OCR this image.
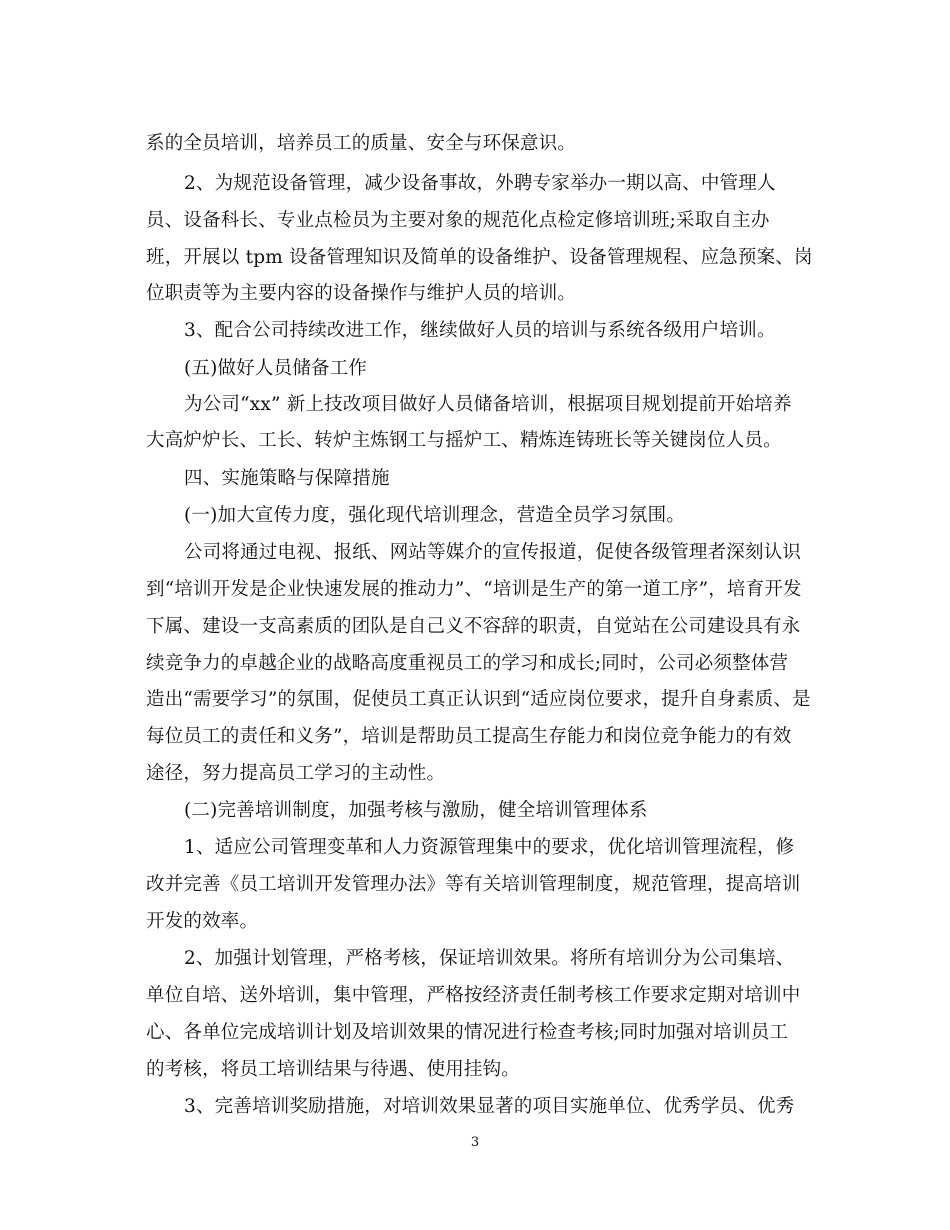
系的全员培训，培养员工的质量、安全与环保意识。
2、为规范设备管理，减少设备事故，外聘专家举办一期以高、中管理人
员、设备科长、专业点检员为主要对象的规范化点检定修培训班;采取自主办
班，开展以 tpm 设备管理知识及简单的设备维护、设备管理规程、应急预案、岗
位职责等为主要内容的设备操作与维护人员的培训。
3、配合公司持续改进工作，继续做好人员的培训与系统各级用户培训。
(五)做好人员储备工作
为公司“xx” 新上技改项目做好人员储备培训，根据项目规划提前开始培养
大高炉炉长、工长、转炉主炼钢工与摇炉工、精炼连铸班长等关键岗位人员。
四、实施策略与保障措施
(一)加大宣传力度，强化现代培训理念，营造全员学习氛围。
公司将通过电视、报纸、网站等媒介的宣传报道，促使各级管理者深刻认识
到“培训开发是企业快速发展的推动力”、“培训是生产的第一道工序”，培育开发
下属、建设一支高素质的团队是自己义不容辞的职责，自觉站在公司建设具有永
续竞争力的卓越企业的战略高度重视员工的学习和成长;同时，公司必须整体营
造出“需要学习”的氛围，促使员工真正认识到“适应岗位要求，提升自身素质、是
每位员工的责任和义务”，培训是帮助员工提高生存能力和岗位竞争能力的有效
途径，努力提高员工学习的主动性。
(二)完善培训制度，加强考核与激励，健全培训管理体系
1、适应公司管理变革和人力资源管理集中的要求，优化培训管理流程，修
改并完善《员工培训开发管理办法》等有关培训管理制度，规范管理，提高培训
开发的效率。
2、加强计划管理，严格考核，保证培训效果。将所有培训分为公司集培、
单位自培、送外培训，集中管理，严格按经济责任制考核工作要求定期对培训中
心、各单位完成培训计划及培训效果的情况进行检查考核;同时加强对培训员工
的考核，将员工培训结果与待遇、使用挂钩。
3、完善培训奖励措施，对培训效果显著的项目实施单位、优秀学员、优秀
3
